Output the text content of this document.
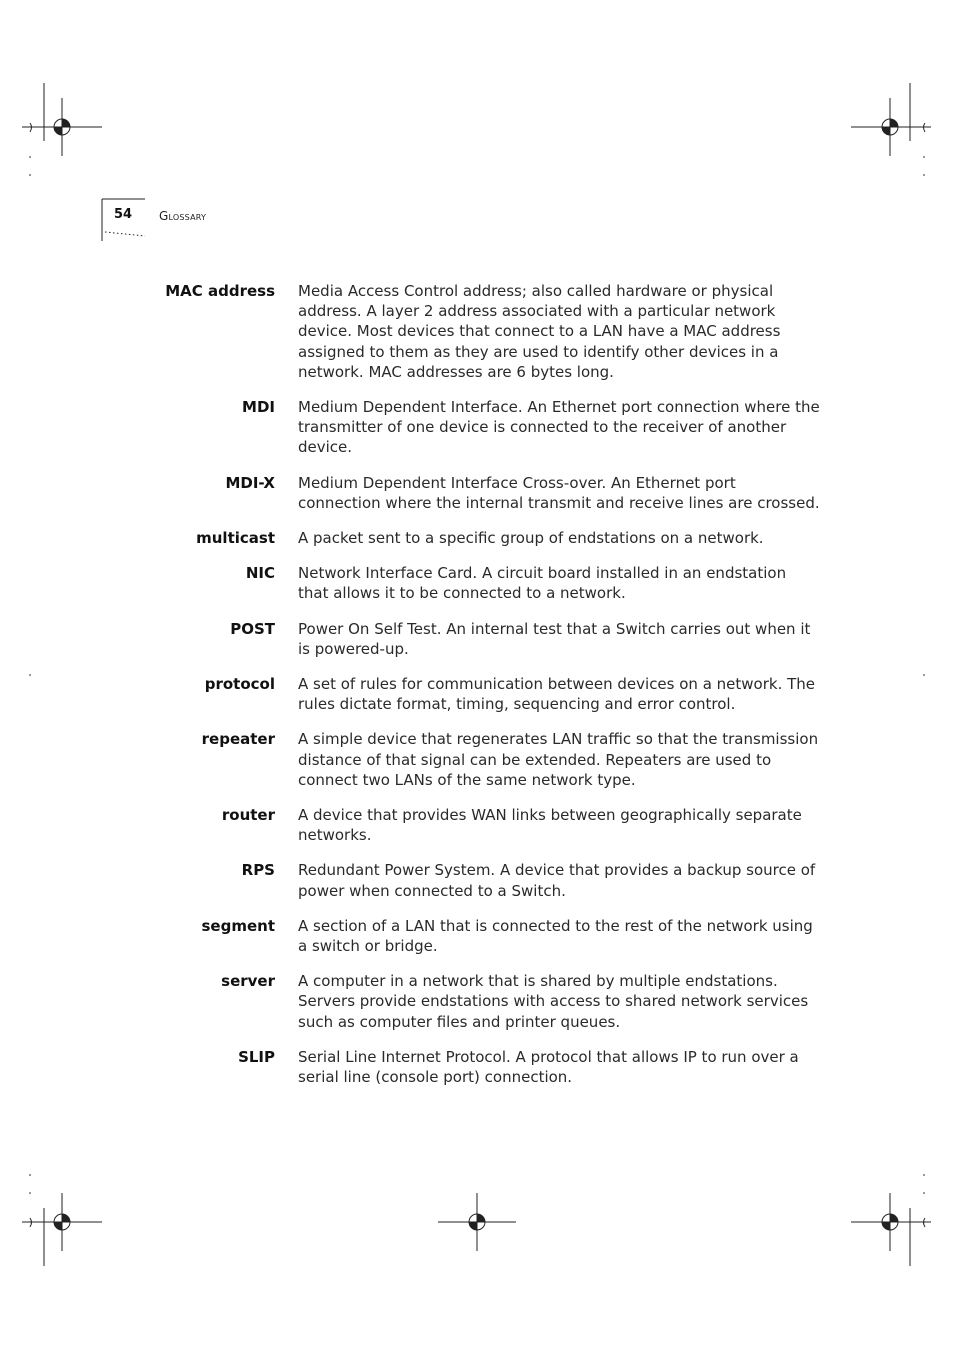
54 Glossary
MAC address Media Access Control address; also called hardware or physical address. A layer 2 address associated with a particular network device. Most devices that connect to a LAN have a MAC address assigned to them as they are used to identify other devices in a network. MAC addresses are 6 bytes long.
MDI Medium Dependent Interface. An Ethernet port connection where the transmitter of one device is connected to the receiver of another device.
MDI-X Medium Dependent Interface Cross-over. An Ethernet port connection where the internal transmit and receive lines are crossed.
multicast A packet sent to a specific group of endstations on a network.
NIC Network Interface Card. A circuit board installed in an endstation that allows it to be connected to a network.
POST Power On Self Test. An internal test that a Switch carries out when it is powered-up.
protocol A set of rules for communication between devices on a network. The rules dictate format, timing, sequencing and error control.
repeater A simple device that regenerates LAN traffic so that the transmission distance of that signal can be extended. Repeaters are used to connect two LANs of the same network type.
router A device that provides WAN links between geographically separate networks.
RPS Redundant Power System. A device that provides a backup source of power when connected to a Switch.
segment A section of a LAN that is connected to the rest of the network using a switch or bridge.
server A computer in a network that is shared by multiple endstations. Servers provide endstations with access to shared network services such as computer files and printer queues.
SLIP Serial Line Internet Protocol. A protocol that allows IP to run over a serial line (console port) connection.
